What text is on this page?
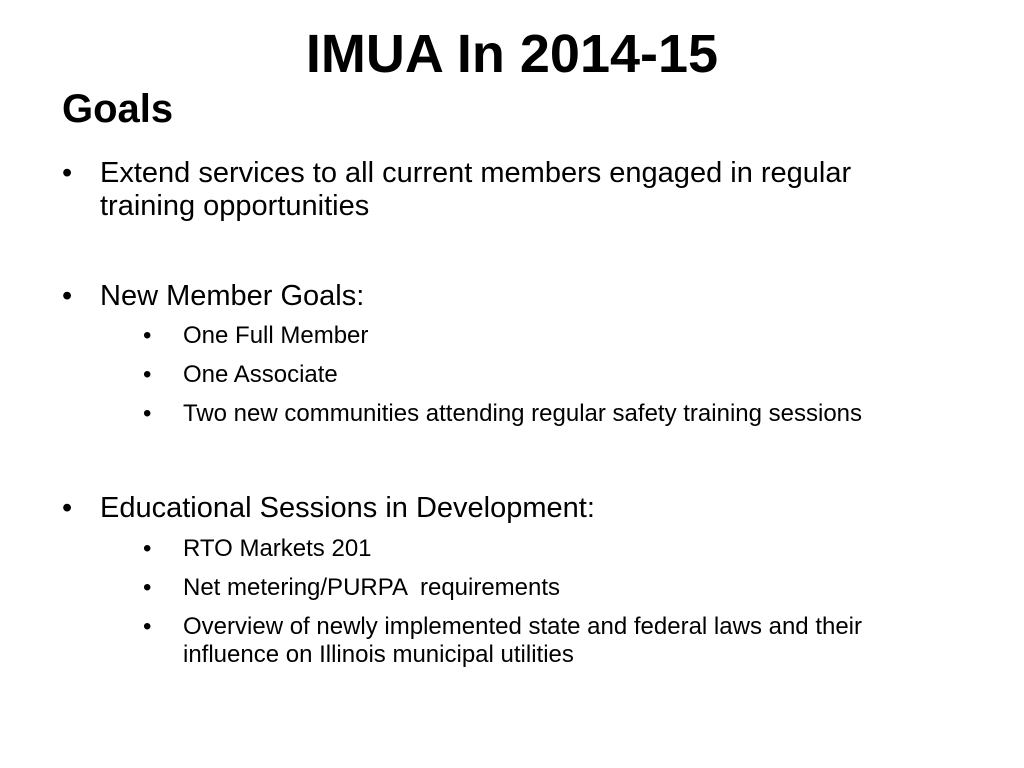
IMUA In 2014-15
Goals
• Extend services to all current members engaged in regular training opportunities
• New Member Goals:
• One Full Member
• One Associate
• Two new communities attending regular safety training sessions
• Educational Sessions in Development:
• RTO Markets 201
• Net metering/PURPA  requirements
• Overview of newly implemented state and federal laws and their influence on Illinois municipal utilities
